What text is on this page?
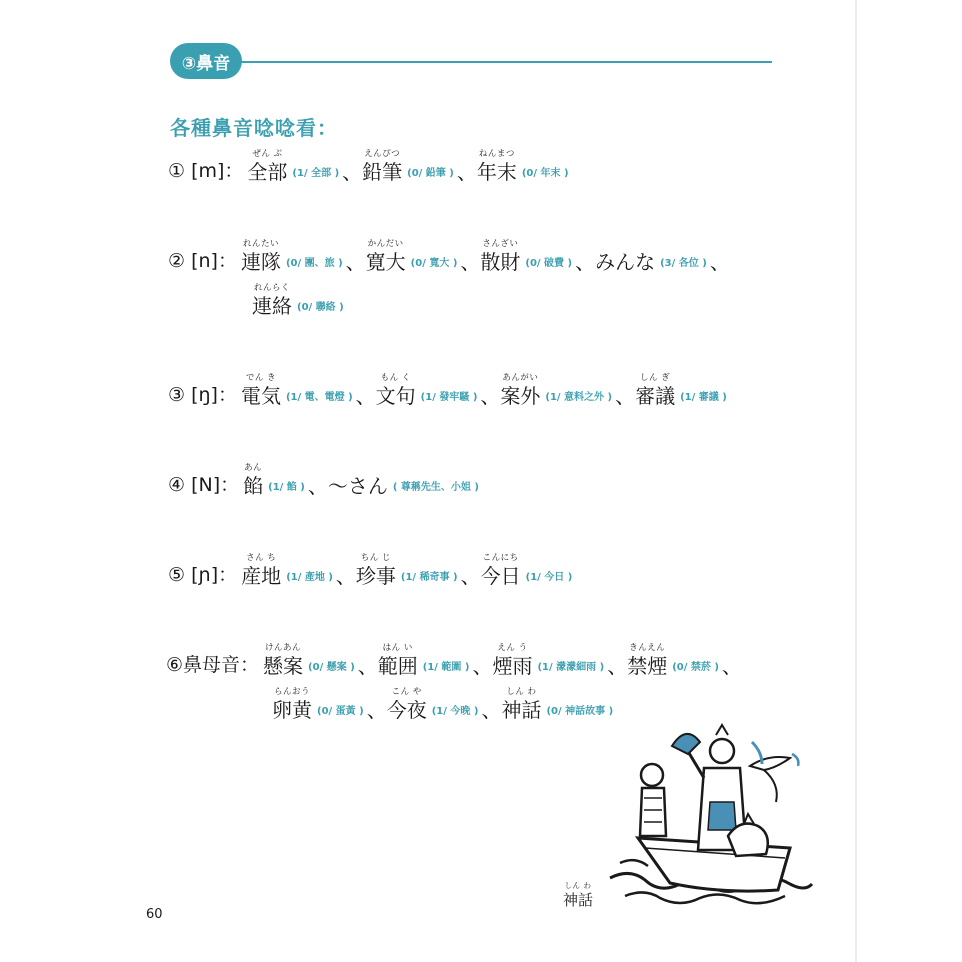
③鼻音
各種鼻音唸唸看：
① [m]：
ぜん ぶ
全部 (1/ 全部 ) 、
えんぴつ
鉛筆 (0/ 鉛筆 ) 、
ねんまつ
年末 (0/ 年末 )
② [n]：
れんたい
連隊 (0/ 團、旅 ) 、
かんだい
寛大 (0/ 寬大 ) 、
さんざい
散財 (0/ 破費 ) 、 みんな (3/ 各位 ) 、
れんらく
連絡 (0/ 聯絡 )
③ [ŋ]：
でん き
電気 (1/ 電、電燈 ) 、
もん く
文句 (1/ 發牢騷 ) 、
あんがい
案外 (1/ 意料之外 ) 、
しん ぎ
審議 (1/ 審議 )
④ [N]：
あん
餡 (1/ 餡 ) 、 ～さん ( 尊稱先生、小姐 )
⑤ [ɲ]：
さん ち
産地 (1/ 產地 ) 、
ちん じ
珍事 (1/ 稀奇事 ) 、
こんにち
今日 (1/ 今日 )
⑥鼻母音：
けんあん
懸案 (0/ 懸案 ) 、
はん い
範囲 (1/ 範圍 ) 、
えん う
煙雨 (1/ 濛濛細雨 ) 、
きんえん
禁煙 (0/ 禁菸 ) 、
らんおう
卵黄 (0/ 蛋黃 ) 、
こん や
今夜 (1/ 今晚 ) 、
しん わ
神話 (0/ 神話故事 )
しん わ
神話
60
